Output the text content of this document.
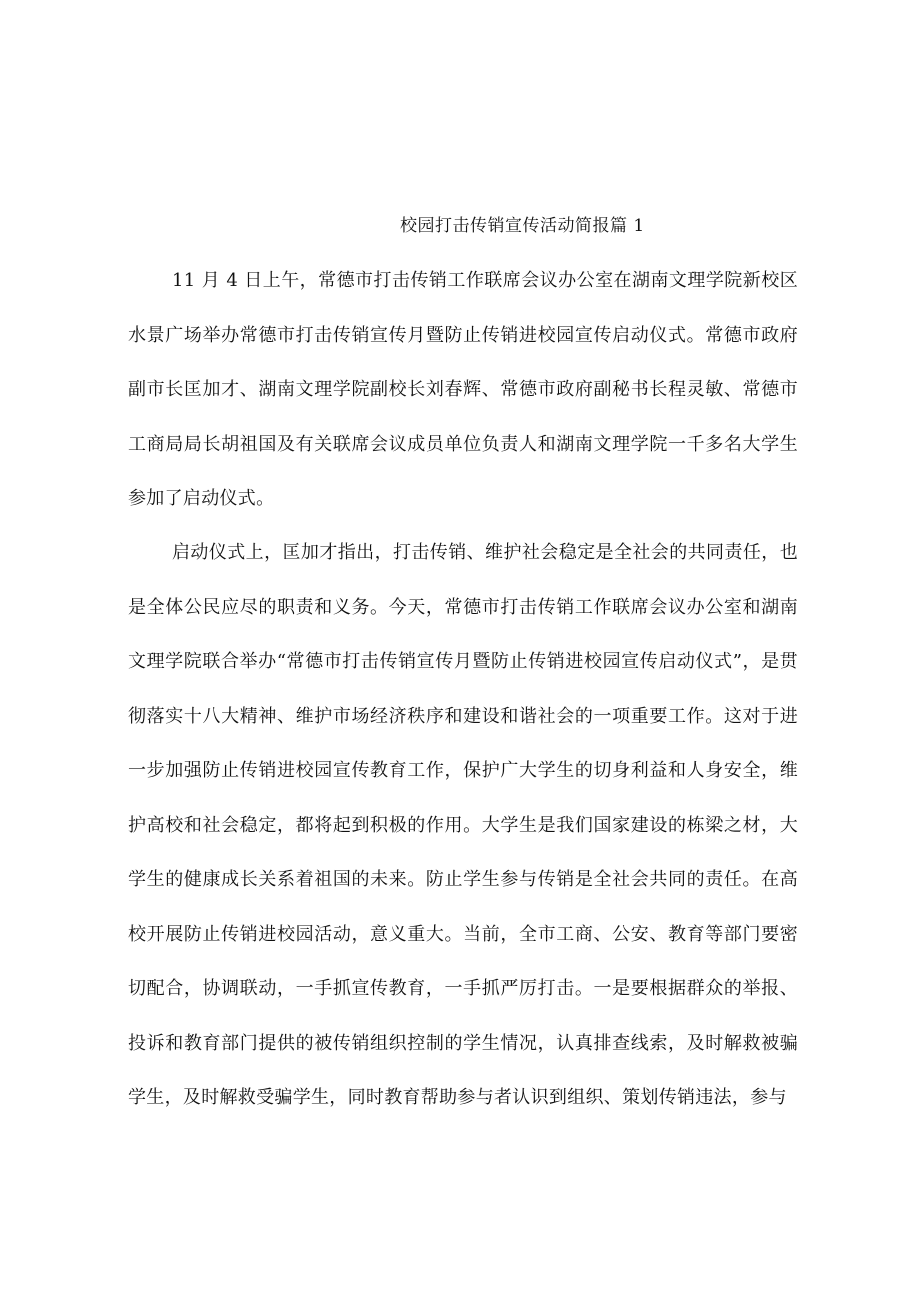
校园打击传销宣传活动简报篇 1

11 月 4 日上午，常德市打击传销工作联席会议办公室在湖南文理学院新校区水景广场举办常德市打击传销宣传月暨防止传销进校园宣传启动仪式。常德市政府副市长匡加才、湖南文理学院副校长刘春辉、常德市政府副秘书长程灵敏、常德市工商局局长胡祖国及有关联席会议成员单位负责人和湖南文理学院一千多名大学生参加了启动仪式。

启动仪式上，匡加才指出，打击传销、维护社会稳定是全社会的共同责任，也是全体公民应尽的职责和义务。今天，常德市打击传销工作联席会议办公室和湖南文理学院联合举办“常德市打击传销宣传月暨防止传销进校园宣传启动仪式”，是贯彻落实十八大精神、维护市场经济秩序和建设和谐社会的一项重要工作。这对于进一步加强防止传销进校园宣传教育工作，保护广大学生的切身利益和人身安全，维护高校和社会稳定，都将起到积极的作用。大学生是我们国家建设的栋梁之材，大学生的健康成长关系着祖国的未来。防止学生参与传销是全社会共同的责任。在高校开展防止传销进校园活动，意义重大。当前，全市工商、公安、教育等部门要密切配合，协调联动，一手抓宣传教育，一手抓严厉打击。一是要根据群众的举报、投诉和教育部门提供的被传销组织控制的学生情况，认真排查线索，及时解救被骗学生，及时解救受骗学生，同时教育帮助参与者认识到组织、策划传销违法，参与
